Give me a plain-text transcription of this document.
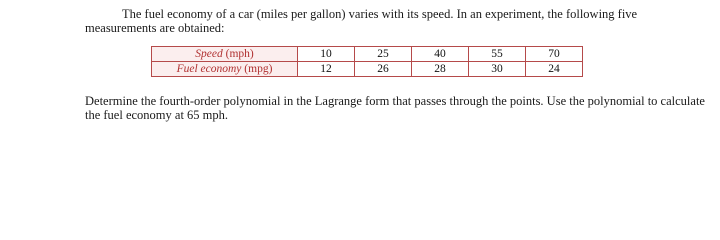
The fuel economy of a car (miles per gallon) varies with its speed. In an experiment, the following five measurements are obtained:

Speed (mph)	10	25	40	55	70
Fuel economy (mpg)	12	26	28	30	24

Determine the fourth-order polynomial in the Lagrange form that passes through the points. Use the polynomial to calculate the fuel economy at 65 mph.
